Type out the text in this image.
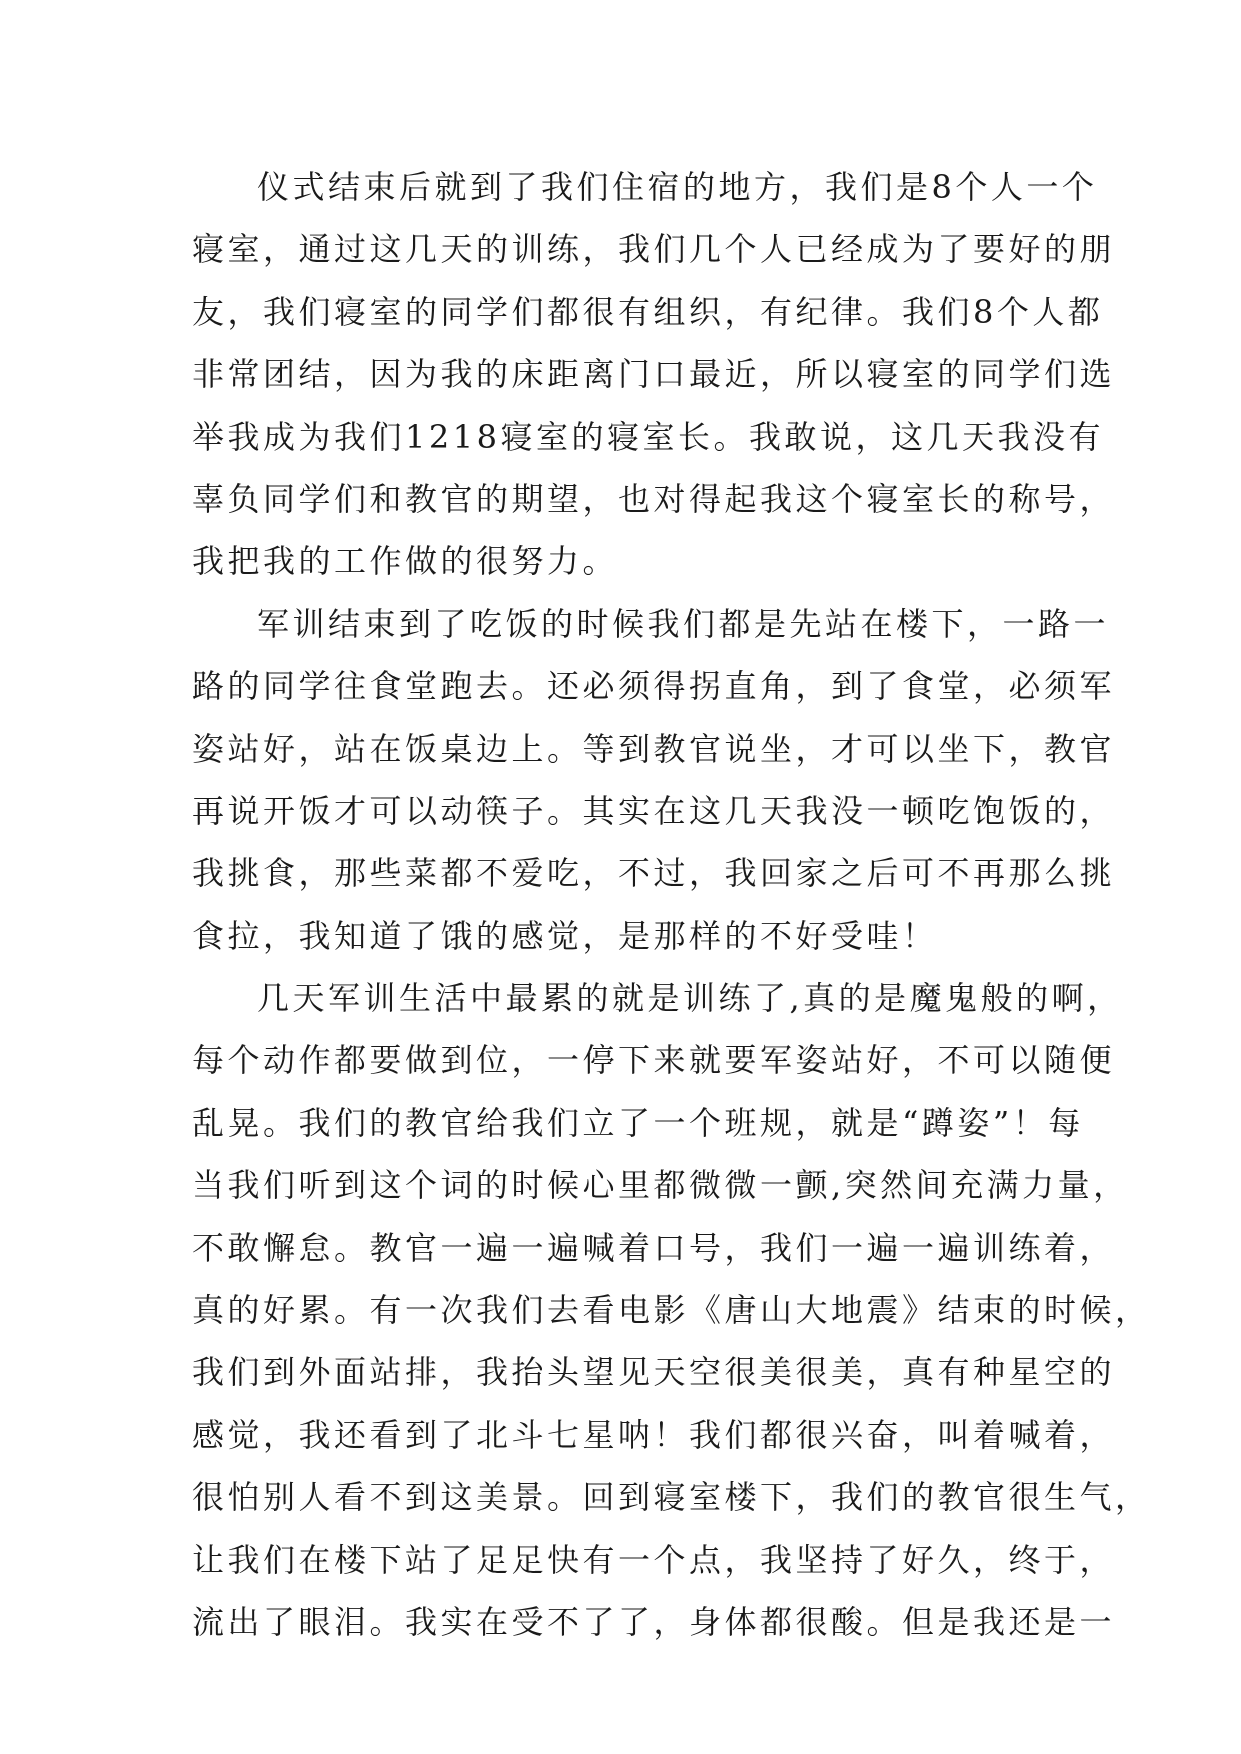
仪式结束后就到了我们住宿的地方，我们是8个人一个
寝室，通过这几天的训练，我们几个人已经成为了要好的朋
友，我们寝室的同学们都很有组织，有纪律。我们8个人都
非常团结，因为我的床距离门口最近，所以寝室的同学们选
举我成为我们1218寝室的寝室长。我敢说，这几天我没有
辜负同学们和教官的期望，也对得起我这个寝室长的称号，
我把我的工作做的很努力。
军训结束到了吃饭的时候我们都是先站在楼下，一路一
路的同学往食堂跑去。还必须得拐直角，到了食堂，必须军
姿站好，站在饭桌边上。等到教官说坐，才可以坐下，教官
再说开饭才可以动筷子。其实在这几天我没一顿吃饱饭的，
我挑食，那些菜都不爱吃，不过，我回家之后可不再那么挑
食拉，我知道了饿的感觉，是那样的不好受哇！
几天军训生活中最累的就是训练了,真的是魔鬼般的啊，
每个动作都要做到位，一停下来就要军姿站好，不可以随便
乱晃。我们的教官给我们立了一个班规，就是“蹲姿”！每
当我们听到这个词的时候心里都微微一颤,突然间充满力量，
不敢懈怠。教官一遍一遍喊着口号，我们一遍一遍训练着，
真的好累。有一次我们去看电影《唐山大地震》结束的时候，
我们到外面站排，我抬头望见天空很美很美，真有种星空的
感觉，我还看到了北斗七星呐！我们都很兴奋，叫着喊着，
很怕别人看不到这美景。回到寝室楼下，我们的教官很生气，
让我们在楼下站了足足快有一个点，我坚持了好久，终于，
流出了眼泪。我实在受不了了，身体都很酸。但是我还是一
